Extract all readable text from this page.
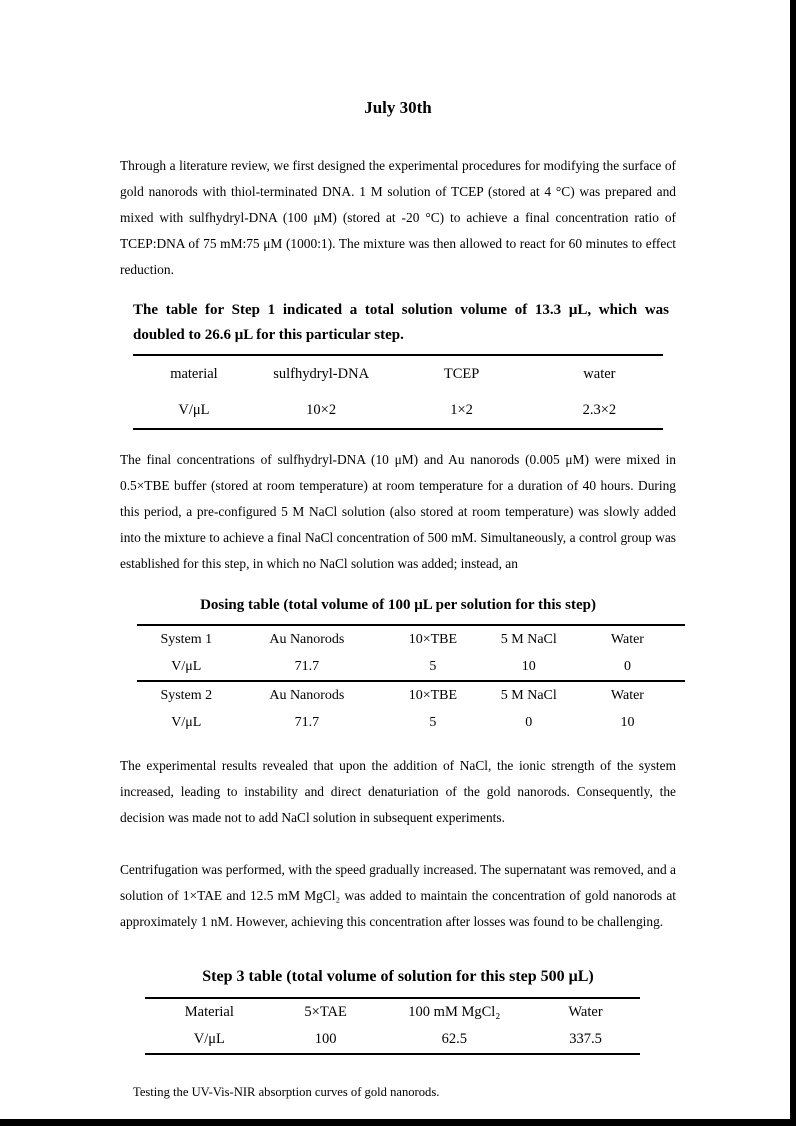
July 30th

Through a literature review, we first designed the experimental procedures for modifying the surface of gold nanorods with thiol-terminated DNA. 1 M solution of TCEP (stored at 4 °C) was prepared and mixed with sulfhydryl-DNA (100 μM) (stored at -20 °C) to achieve a final concentration ratio of TCEP:DNA of 75 mM:75 μM (1000:1). The mixture was then allowed to react for 60 minutes to effect reduction.

The table for Step 1 indicated a total solution volume of 13.3 μL, which was doubled to 26.6 μL for this particular step.
material	sulfhydryl-DNA	TCEP	water
V/μL	10×2	1×2	2.3×2

The final concentrations of sulfhydryl-DNA (10 μM) and Au nanorods (0.005 μM) were mixed in 0.5×TBE buffer (stored at room temperature) at room temperature for a duration of 40 hours. During this period, a pre-configured 5 M NaCl solution (also stored at room temperature) was slowly added into the mixture to achieve a final NaCl concentration of 500 mM. Simultaneously, a control group was established for this step, in which no NaCl solution was added; instead, an

Dosing table (total volume of 100 μL per solution for this step)
System 1	Au Nanorods	10×TBE	5 M NaCl	Water
V/μL	71.7	5	10	0
System 2	Au Nanorods	10×TBE	5 M NaCl	Water
V/μL	71.7	5	0	10

The experimental results revealed that upon the addition of NaCl, the ionic strength of the system increased, leading to instability and direct denaturiation of the gold nanorods. Consequently, the decision was made not to add NaCl solution in subsequent experiments.

Centrifugation was performed, with the speed gradually increased. The supernatant was removed, and a solution of 1×TAE and 12.5 mM MgCl₂ was added to maintain the concentration of gold nanorods at approximately 1 nM. However, achieving this concentration after losses was found to be challenging.

Step 3 table (total volume of solution for this step 500 μL)
Material	5×TAE	100 mM MgCl₂	Water
V/μL	100	62.5	337.5

Testing the UV-Vis-NIR absorption curves of gold nanorods.
